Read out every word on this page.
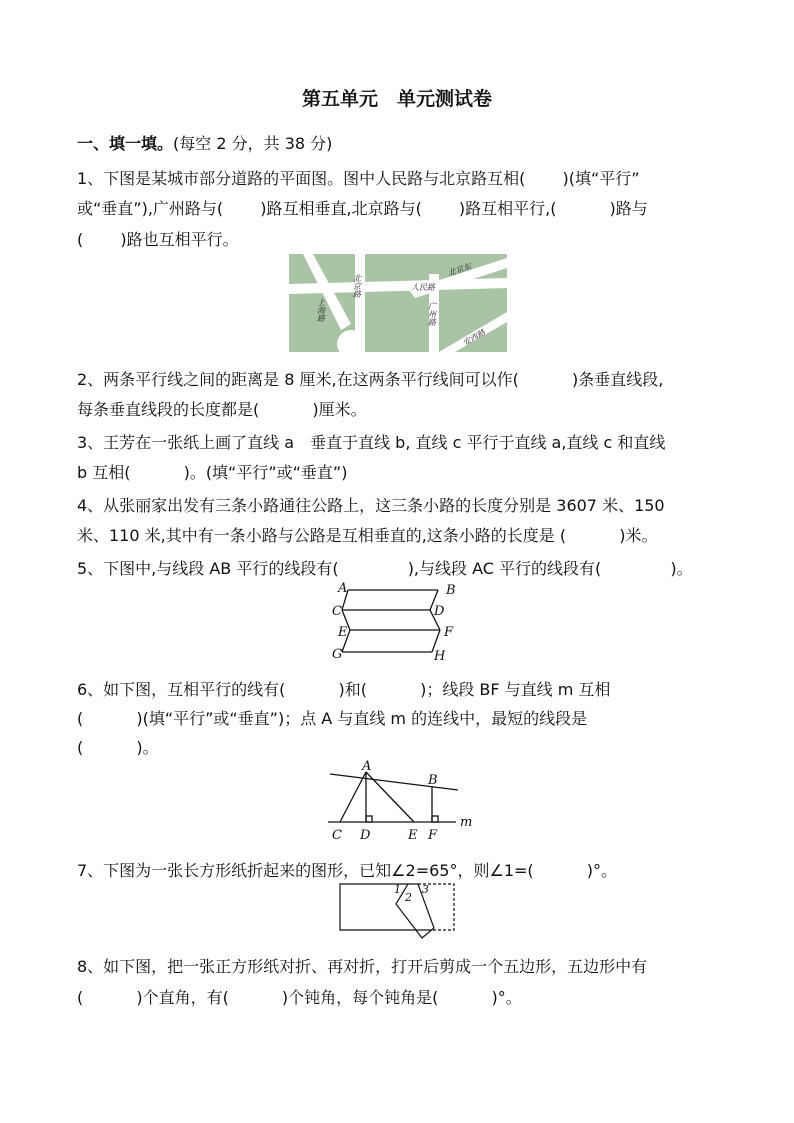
第五单元　单元测试卷
一、填一填。(每空 2 分，共 38 分)
1、下图是某城市部分道路的平面图。图中人民路与北京路互相(　　 )(填“平行”
或“垂直”),广州路与(　　 )路互相垂直,北京路与(　　 )路互相平行,(　　 　)路与
(　　 )路也互相平行。
北京路	人民路
广州路
上海路
北京东
安西路
2、两条平行线之间的距离是 8 厘米,在这两条平行线间可以作(　　 　)条垂直线段,
每条垂直线段的长度都是(　　 　)厘米。
3、王芳在一张纸上画了直线 a　垂直于直线 b, 直线 c 平行于直线 a,直线 c 和直线
b 互相(　　 　)。(填“平行”或“垂直”)
4、从张丽家出发有三条小路通往公路上，这三条小路的长度分别是 3607 米、150
米、110 米,其中有一条小路与公路是互相垂直的,这条小路的长度是 (　　 　)米。
5、下图中,与线段 AB 平行的线段有(　　 　　),与线段 AC 平行的线段有(　　 　　)。
A	B
C	D
E	F
G	H
6、如下图，互相平行的线有(　　 　)和(　　 　)；线段 BF 与直线 m 互相
(　　 　)(填“平行”或“垂直”)；点 A 与直线 m 的连线中，最短的线段是
(　　 　)。
A
B
C D	E F
m
7、下图为一张长方形纸折起来的图形，已知∠2=65°，则∠1=(　　 　)°。
1
2
3
8、如下图，把一张正方形纸对折、再对折，打开后剪成一个五边形，五边形中有
(　　 　)个直角，有(　　 　)个钝角，每个钝角是(　　 　)°。
